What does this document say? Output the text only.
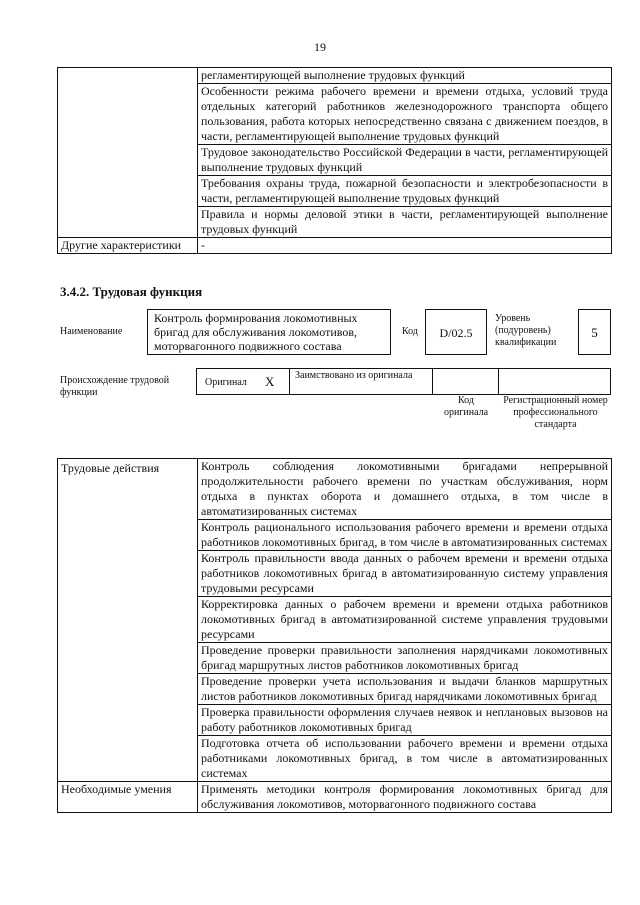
19
	регламентирующей выполнение трудовых функций
	Особенности режима рабочего времени и времени отдыха, условий труда отдельных категорий работников железнодорожного транспорта общего пользования, работа которых непосредственно связана с движением поездов, в части, регламентирующей выполнение трудовых функций
	Трудовое законодательство Российской Федерации в части, регламентирующей выполнение трудовых функций
	Требования охраны труда, пожарной безопасности и электробезопасности в части, регламентирующей выполнение трудовых функций
	Правила и нормы деловой этики в части, регламентирующей выполнение трудовых функций
Другие характеристики	-
3.4.2. Трудовая функция
Наименование
Контроль формирования локомотивных бригад для обслуживания локомотивов, моторвагонного подвижного состава
Код	D/02.5
Уровень (подуровень) квалификации
5
Происхождение трудовой функции
Оригинал X Заимствовано из оригинала
Код оригинала
Регистрационный номер профессионального стандарта
Трудовые действия	Контроль соблюдения локомотивными бригадами непрерывной продолжительности рабочего времени по участкам обслуживания, норм отдыха в пунктах оборота и домашнего отдыха, в том числе в автоматизированных системах
	Контроль рационального использования рабочего времени и времени отдыха работников локомотивных бригад, в том числе в автоматизированных системах
	Контроль правильности ввода данных о рабочем времени и времени отдыха работников локомотивных бригад в автоматизированную систему управления трудовыми ресурсами
	Корректировка данных о рабочем времени и времени отдыха работников локомотивных бригад в автоматизированной системе управления трудовыми ресурсами
	Проведение проверки правильности заполнения нарядчиками локомотивных бригад маршрутных листов работников локомотивных бригад
	Проведение проверки учета использования и выдачи бланков маршрутных листов работников локомотивных бригад нарядчиками локомотивных бригад
	Проверка правильности оформления случаев неявок и неплановых вызовов на работу работников локомотивных бригад
	Подготовка отчета об использовании рабочего времени и времени отдыха работниками локомотивных бригад, в том числе в автоматизированных системах
Необходимые умения	Применять методики контроля формирования локомотивных бригад для обслуживания локомотивов, моторвагонного подвижного состава
